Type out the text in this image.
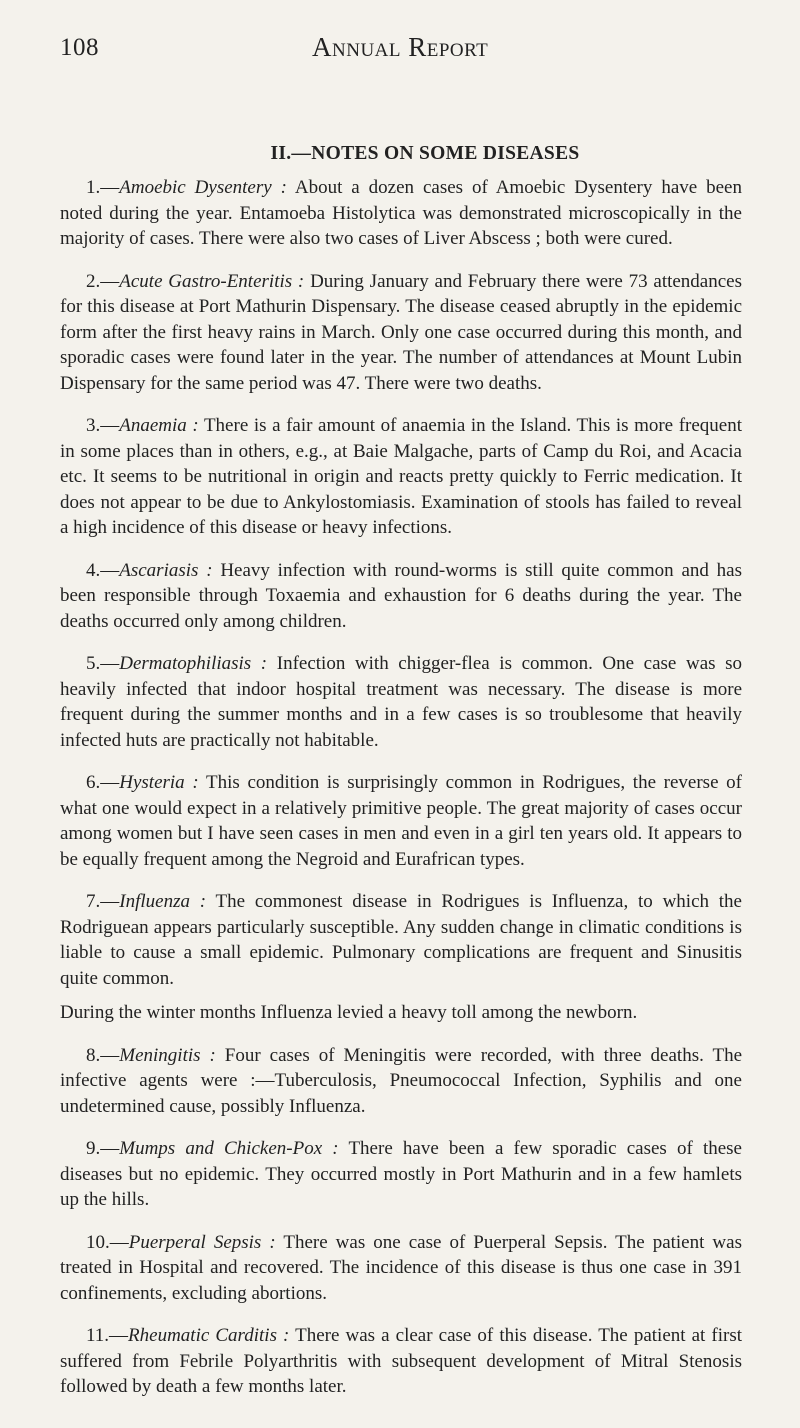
108	Annual Report
II.—NOTES ON SOME DISEASES

1.—Amoebic Dysentery : About a dozen cases of Amoebic Dysentery have been noted during the year. Entamoeba Histolytica was demonstrated microscopically in the majority of cases. There were also two cases of Liver Abscess ; both were cured.

2.—Acute Gastro-Enteritis : During January and February there were 73 attendances for this disease at Port Mathurin Dispensary. The disease ceased abruptly in the epidemic form after the first heavy rains in March. Only one case occurred during this month, and sporadic cases were found later in the year. The number of attendances at Mount Lubin Dispensary for the same period was 47. There were two deaths.

3.—Anaemia : There is a fair amount of anaemia in the Island. This is more frequent in some places than in others, e.g., at Baie Malgache, parts of Camp du Roi, and Acacia etc. It seems to be nutritional in origin and reacts pretty quickly to Ferric medication. It does not appear to be due to Ankylostomiasis. Examination of stools has failed to reveal a high incidence of this disease or heavy infections.

4.—Ascariasis : Heavy infection with round-worms is still quite common and has been responsible through Toxaemia and exhaustion for 6 deaths during the year. The deaths occurred only among children.

5.—Dermatophiliasis : Infection with chigger-flea is common. One case was so heavily infected that indoor hospital treatment was necessary. The disease is more frequent during the summer months and in a few cases is so troublesome that heavily infected huts are practically not habitable.

6.—Hysteria : This condition is surprisingly common in Rodrigues, the reverse of what one would expect in a relatively primitive people. The great majority of cases occur among women but I have seen cases in men and even in a girl ten years old. It appears to be equally frequent among the Negroid and Eurafrican types.

7.—Influenza : The commonest disease in Rodrigues is Influenza, to which the Rodriguean appears particularly susceptible. Any sudden change in climatic conditions is liable to cause a small epidemic. Pulmonary complications are frequent and Sinusitis quite common.

During the winter months Influenza levied a heavy toll among the newborn.

8.—Meningitis : Four cases of Meningitis were recorded, with three deaths. The infective agents were :—Tuberculosis, Pneumococcal Infection, Syphilis and one undetermined cause, possibly Influenza.

9.—Mumps and Chicken-Pox : There have been a few sporadic cases of these diseases but no epidemic. They occurred mostly in Port Mathurin and in a few hamlets up the hills.

10.—Puerperal Sepsis : There was one case of Puerperal Sepsis. The patient was treated in Hospital and recovered. The incidence of this disease is thus one case in 391 confinements, excluding abortions.

11.—Rheumatic Carditis : There was a clear case of this disease. The patient at first suffered from Febrile Polyarthritis with subsequent development of Mitral Stenosis followed by death a few months later.
